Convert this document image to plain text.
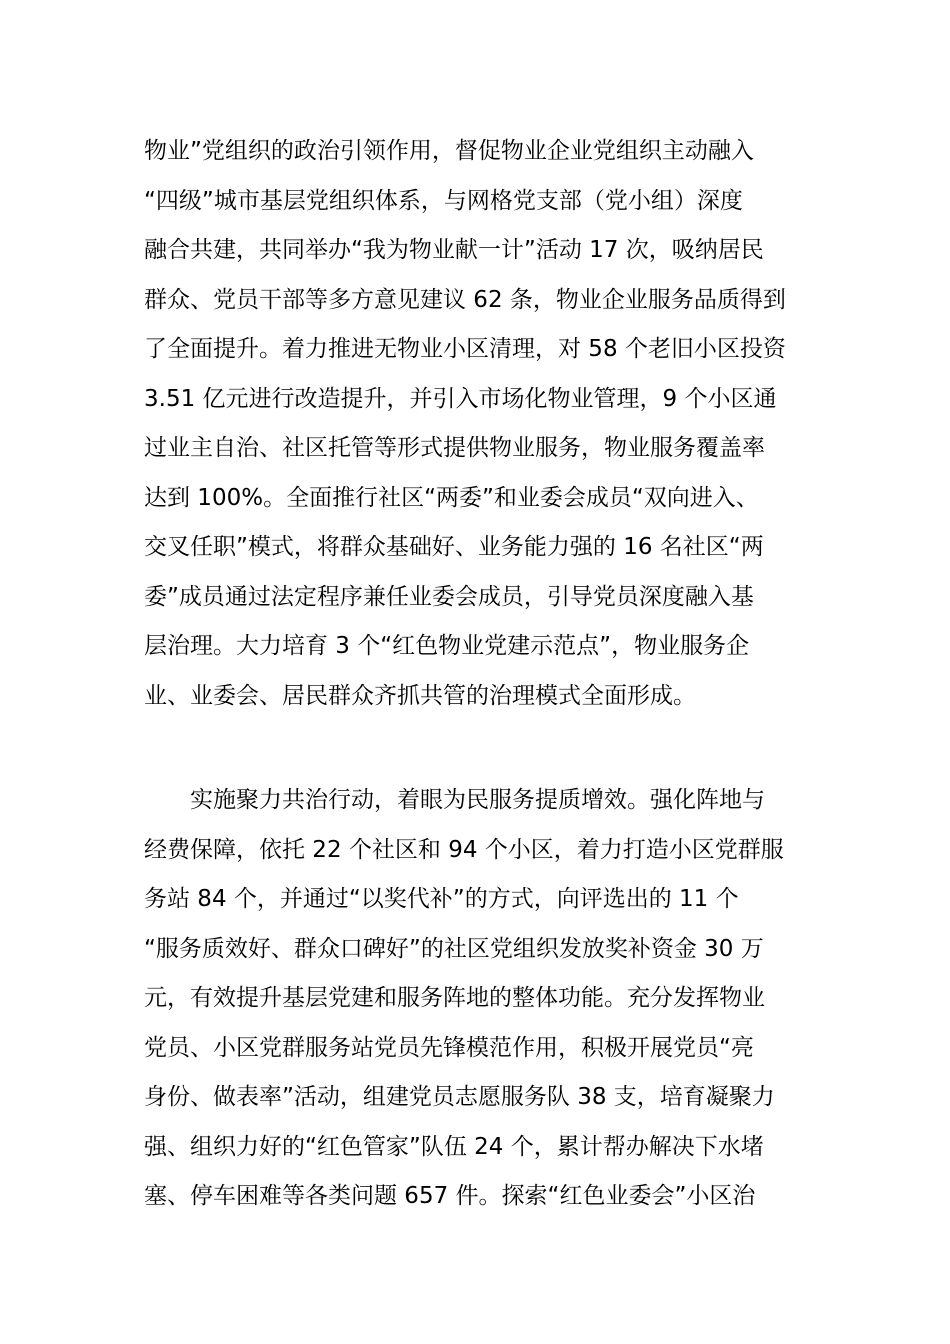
物业”党组织的政治引领作用，督促物业企业党组织主动融入
“四级”城市基层党组织体系，与网格党支部（党小组）深度
融合共建，共同举办“我为物业献一计”活动 17 次，吸纳居民
群众、党员干部等多方意见建议 62 条，物业企业服务品质得到
了全面提升。着力推进无物业小区清理，对 58 个老旧小区投资
3.51 亿元进行改造提升，并引入市场化物业管理，9 个小区通
过业主自治、社区托管等形式提供物业服务，物业服务覆盖率
达到 100%。全面推行社区“两委”和业委会成员“双向进入、
交叉任职”模式，将群众基础好、业务能力强的 16 名社区“两
委”成员通过法定程序兼任业委会成员，引导党员深度融入基
层治理。大力培育 3 个“红色物业党建示范点”，物业服务企
业、业委会、居民群众齐抓共管的治理模式全面形成。
实施聚力共治行动，着眼为民服务提质增效。强化阵地与
经费保障，依托 22 个社区和 94 个小区，着力打造小区党群服
务站 84 个，并通过“以奖代补”的方式，向评选出的 11 个
“服务质效好、群众口碑好”的社区党组织发放奖补资金 30 万
元，有效提升基层党建和服务阵地的整体功能。充分发挥物业
党员、小区党群服务站党员先锋模范作用，积极开展党员“亮
身份、做表率”活动，组建党员志愿服务队 38 支，培育凝聚力
强、组织力好的“红色管家”队伍 24 个，累计帮办解决下水堵
塞、停车困难等各类问题 657 件。探索“红色业委会”小区治
